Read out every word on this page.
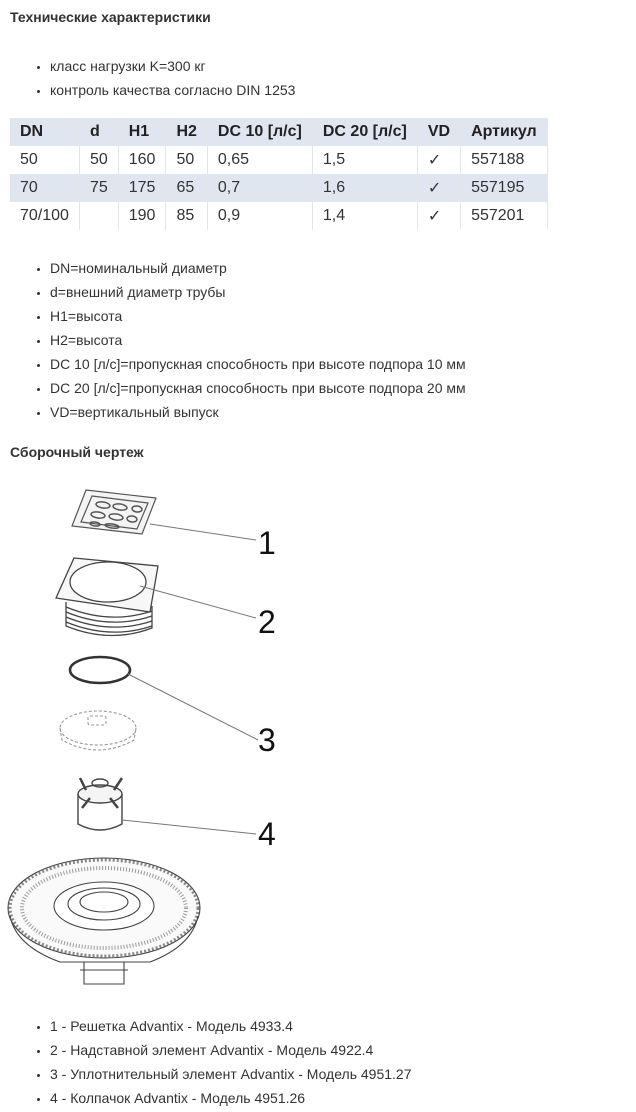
Технические характеристики
• класс нагрузки K=300 кг
• контроль качества согласно DIN 1253
DN	d	H1	H2	DC 10 [л/с]	DC 20 [л/с]	VD	Артикул
50	50	160	50	0,65	1,5	✓	557188
70	75	175	65	0,7	1,6	✓	557195
70/100		190	85	0,9	1,4	✓	557201
• DN=номинальный диаметр
• d=внешний диаметр трубы
• H1=высота
• H2=высота
• DC 10 [л/с]=пропускная способность при высоте подпора 10 мм
• DC 20 [л/с]=пропускная способность при высоте подпора 20 мм
• VD=вертикальный выпуск
Сборочный чертеж
1
2
3
4
• 1 - Решетка Advantix - Модель 4933.4
• 2 - Надставной элемент Advantix - Модель 4922.4
• 3 - Уплотнительный элемент Advantix - Модель 4951.27
• 4 - Колпачок Advantix - Модель 4951.26
